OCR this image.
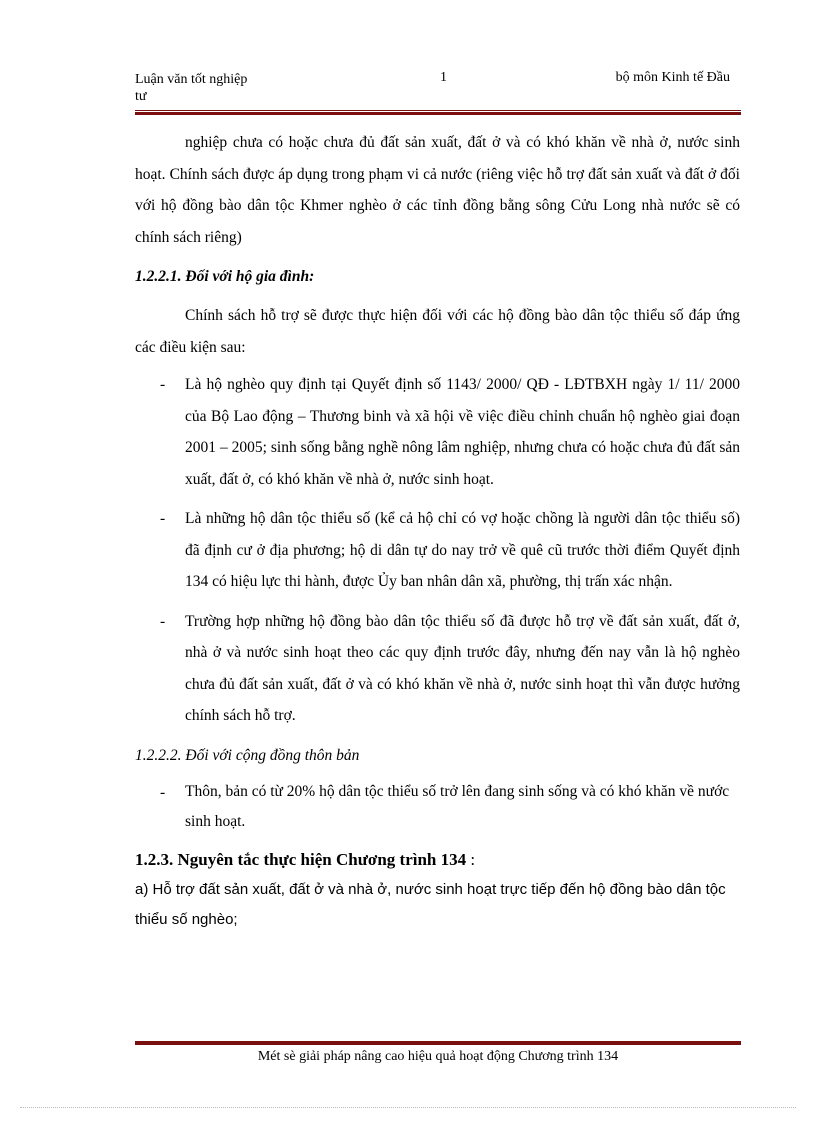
Luận văn tốt nghiệp
tư
1	bộ môn Kinh tế Đầu

nghiệp chưa có hoặc chưa đủ đất sản xuất, đất ở và có khó khăn về nhà ở, nước sinh hoạt. Chính sách được áp dụng trong phạm vi cả nước (riêng việc hỗ trợ đất sản xuất và đất ở đối với hộ đồng bào dân tộc Khmer nghèo ở các tỉnh đồng bằng sông Cửu Long nhà nước sẽ có chính sách riêng)

1.2.2.1. Đối với hộ gia đình:

Chính sách hỗ trợ sẽ được thực hiện đối với các hộ đồng bào dân tộc thiểu số đáp ứng các điều kiện sau:

- Là hộ nghèo quy định tại Quyết định số 1143/ 2000/ QĐ - LĐTBXH ngày 1/ 11/ 2000 của Bộ Lao động – Thương binh và xã hội về việc điều chỉnh chuẩn hộ nghèo giai đoạn 2001 – 2005; sinh sống bằng nghề nông lâm nghiệp, nhưng chưa có hoặc chưa đủ đất sản xuất, đất ở, có khó khăn về nhà ở, nước sinh hoạt.
- Là những hộ dân tộc thiểu số (kể cả hộ chỉ có vợ hoặc chồng là người dân tộc thiểu số) đã định cư ở địa phương; hộ di dân tự do nay trở về quê cũ trước thời điểm Quyết định 134 có hiệu lực thi hành, được Ủy ban nhân dân xã, phường, thị trấn xác nhận.
- Trường hợp những hộ đồng bào dân tộc thiểu số đã được hỗ trợ về đất sản xuất, đất ở, nhà ở và nước sinh hoạt theo các quy định trước đây, nhưng đến nay vẫn là hộ nghèo chưa đủ đất sản xuất, đất ở và có khó khăn về nhà ở, nước sinh hoạt thì vẫn được hưởng chính sách hỗ trợ.

1.2.2.2. Đối với cộng đồng thôn bản

- Thôn, bản có từ 20% hộ dân tộc thiểu số trở lên đang sinh sống và có khó khăn về nước sinh hoạt.

1.2.3. Nguyên tắc thực hiện Chương trình 134 :

a) Hỗ trợ đất sản xuất, đất ở và nhà ở, nước sinh hoạt trực tiếp đến hộ đồng bào dân tộc thiểu số nghèo;

Mét sè giải pháp nâng cao hiệu quả hoạt động Chương trình 134
